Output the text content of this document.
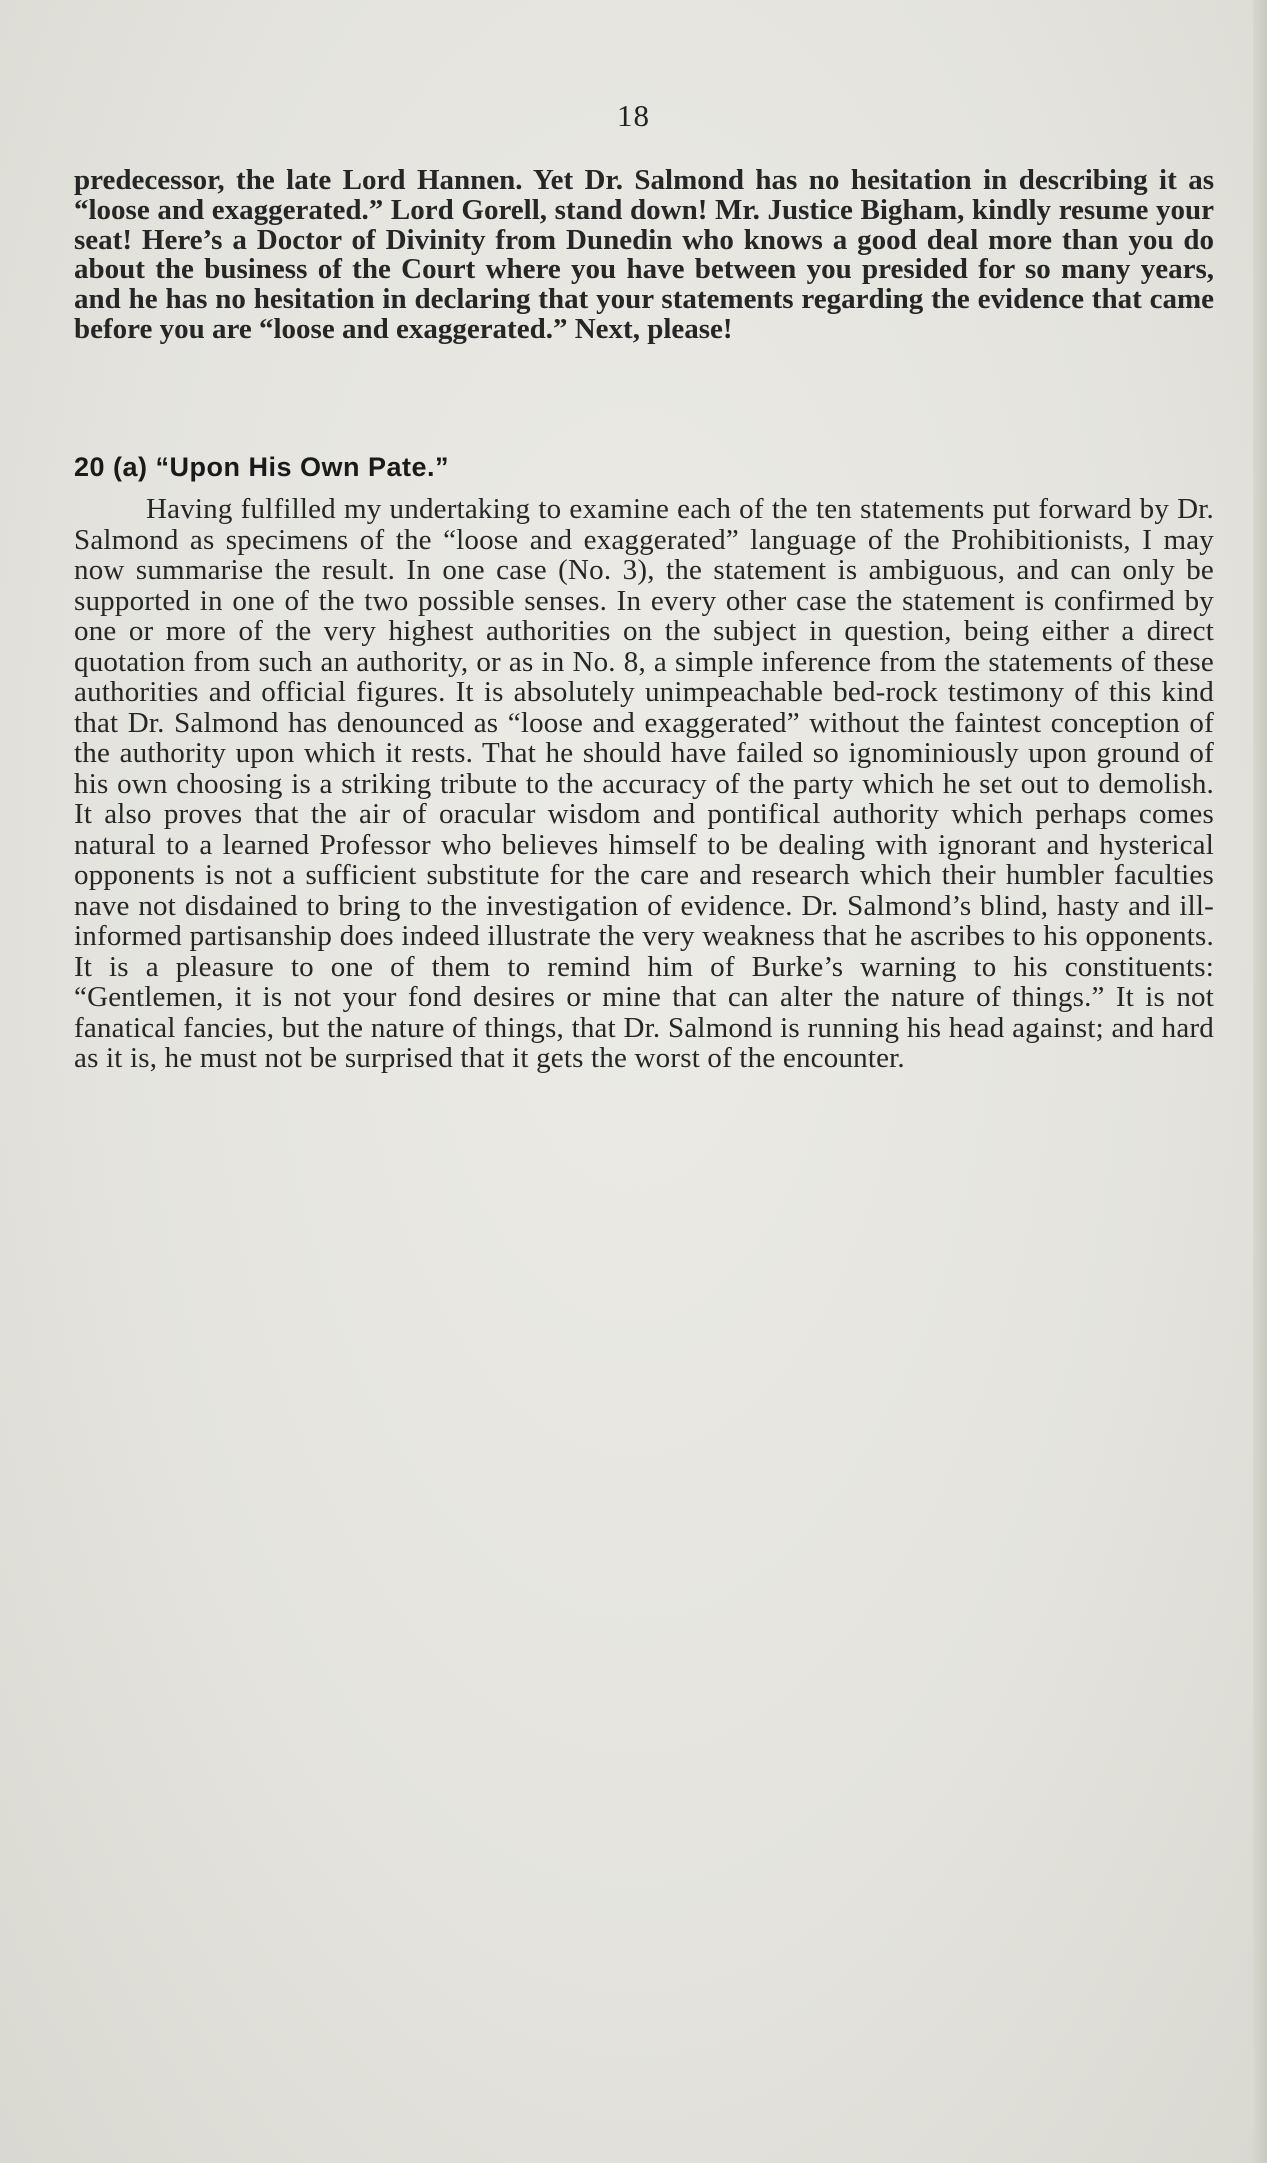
18

predecessor, the late Lord Hannen. Yet Dr. Salmond has no hesitation in describing it as “loose and exaggerated.” Lord Gorell, stand down! Mr. Justice Bigham, kindly resume your seat! Here’s a Doctor of Divinity from Dunedin who knows a good deal more than you do about the business of the Court where you have between you presided for so many years, and he has no hesitation in declaring that your statements regarding the evidence that came before you are “loose and exaggerated.” Next, please!

20 (a) “Upon His Own Pate.”

Having fulfilled my undertaking to examine each of the ten statements put forward by Dr. Salmond as specimens of the “loose and exaggerated” language of the Prohibitionists, I may now summarise the result. In one case (No. 3), the statement is ambiguous, and can only be supported in one of the two possible senses. In every other case the statement is confirmed by one or more of the very highest authorities on the subject in question, being either a direct quotation from such an authority, or as in No. 8, a simple inference from the statements of these authorities and official figures. It is absolutely unimpeachable bed-rock testimony of this kind that Dr. Salmond has denounced as “loose and exaggerated” without the faintest conception of the authority upon which it rests. That he should have failed so ignominiously upon ground of his own choosing is a striking tribute to the accuracy of the party which he set out to demolish. It also proves that the air of oracular wisdom and pontifical authority which perhaps comes natural to a learned Professor who believes himself to be dealing with ignorant and hysterical opponents is not a sufficient substitute for the care and research which their humbler faculties nave not disdained to bring to the investigation of evidence. Dr. Salmond’s blind, hasty and ill-informed partisanship does indeed illustrate the very weakness that he ascribes to his opponents. It is a pleasure to one of them to remind him of Burke’s warning to his constituents: “Gentlemen, it is not your fond desires or mine that can alter the nature of things.” It is not fanatical fancies, but the nature of things, that Dr. Salmond is running his head against; and hard as it is, he must not be surprised that it gets the worst of the encounter.
